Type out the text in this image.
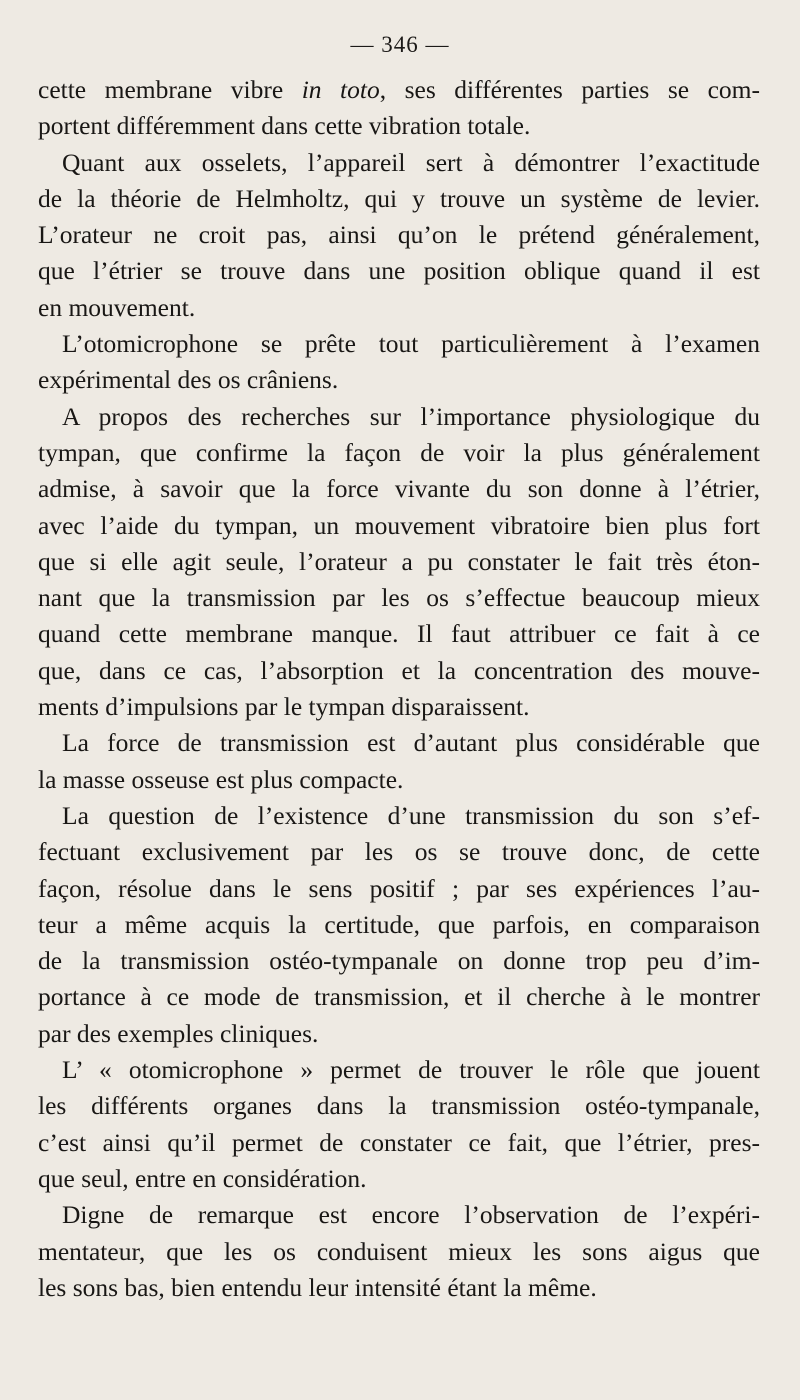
— 346 —
cette membrane vibre in toto, ses différentes parties se com-
portent différemment dans cette vibration totale.
Quant aux osselets, l’appareil sert à démontrer l’exactitude
de la théorie de Helmholtz, qui y trouve un système de levier.
L’orateur ne croit pas, ainsi qu’on le prétend généralement,
que l’étrier se trouve dans une position oblique quand il est
en mouvement.
L’otomicrophone se prête tout particulièrement à l’examen
expérimental des os crâniens.
A propos des recherches sur l’importance physiologique du
tympan, que confirme la façon de voir la plus généralement
admise, à savoir que la force vivante du son donne à l’étrier,
avec l’aide du tympan, un mouvement vibratoire bien plus fort
que si elle agit seule, l’orateur a pu constater le fait très éton-
nant que la transmission par les os s’effectue beaucoup mieux
quand cette membrane manque. Il faut attribuer ce fait à ce
que, dans ce cas, l’absorption et la concentration des mouve-
ments d’impulsions par le tympan disparaissent.
La force de transmission est d’autant plus considérable que
la masse osseuse est plus compacte.
La question de l’existence d’une transmission du son s’ef-
fectuant exclusivement par les os se trouve donc, de cette
façon, résolue dans le sens positif ; par ses expériences l’au-
teur a même acquis la certitude, que parfois, en comparaison
de la transmission ostéo-tympanale on donne trop peu d’im-
portance à ce mode de transmission, et il cherche à le montrer
par des exemples cliniques.
L’ « otomicrophone » permet de trouver le rôle que jouent
les différents organes dans la transmission ostéo-tympanale,
c’est ainsi qu’il permet de constater ce fait, que l’étrier, pres-
que seul, entre en considération.
Digne de remarque est encore l’observation de l’expéri-
mentateur, que les os conduisent mieux les sons aigus que
les sons bas, bien entendu leur intensité étant la même.
